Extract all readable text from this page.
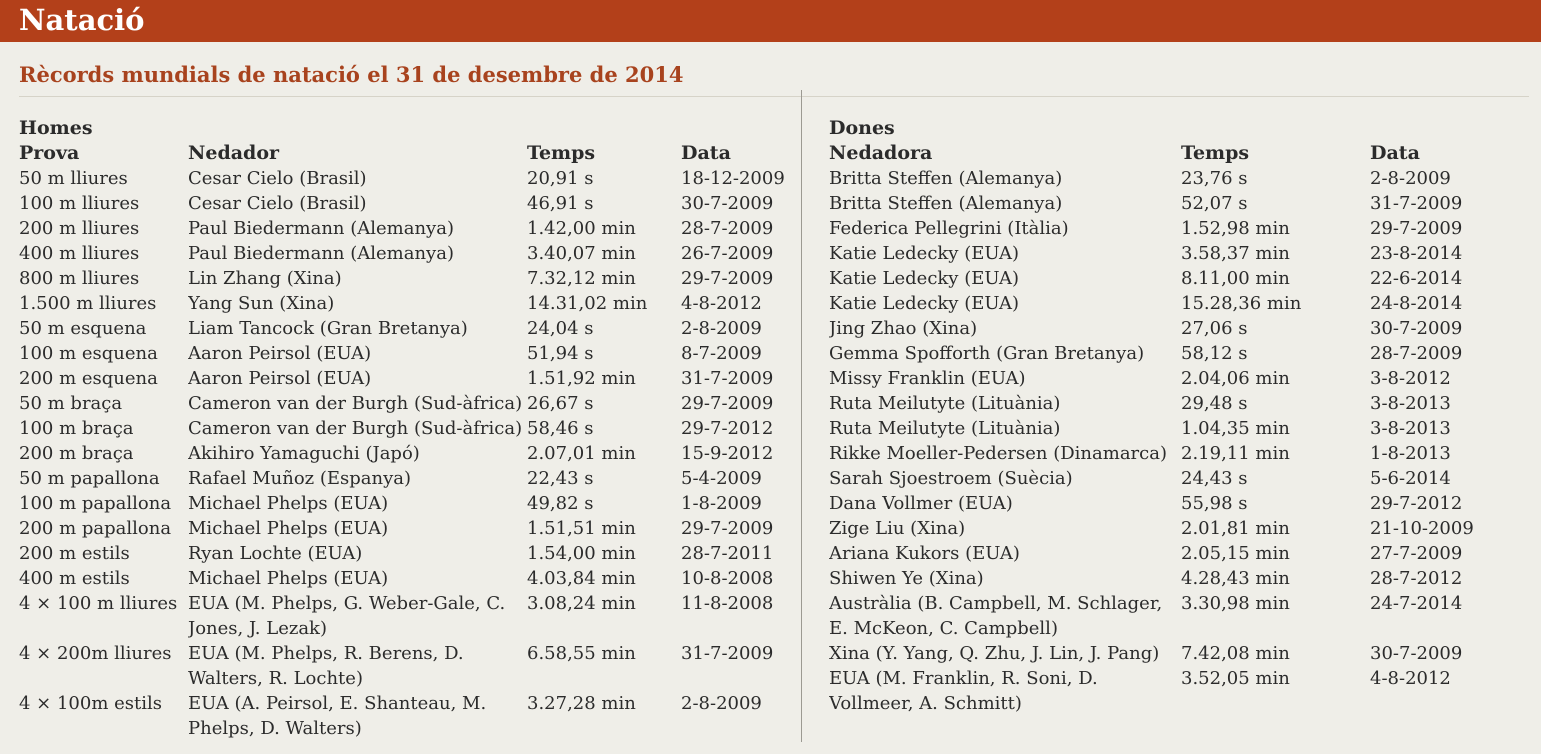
Natació
Rècords mundials de natació el 31 de desembre de 2014
Homes
Prova	Nedador	Temps	Data
50 m lliures	Cesar Cielo (Brasil)	20,91 s	18-12-2009
100 m lliures	Cesar Cielo (Brasil)	46,91 s	30-7-2009
200 m lliures	Paul Biedermann (Alemanya)	1.42,00 min	28-7-2009
400 m lliures	Paul Biedermann (Alemanya)	3.40,07 min	26-7-2009
800 m lliures	Lin Zhang (Xina)	7.32,12 min	29-7-2009
1.500 m lliures	Yang Sun (Xina)	14.31,02 min	4-8-2012
50 m esquena	Liam Tancock (Gran Bretanya)	24,04 s	2-8-2009
100 m esquena	Aaron Peirsol (EUA)	51,94 s	8-7-2009
200 m esquena	Aaron Peirsol (EUA)	1.51,92 min	31-7-2009
50 m braça	Cameron van der Burgh (Sud-àfrica)	26,67 s	29-7-2009
100 m braça	Cameron van der Burgh (Sud-àfrica)	58,46 s	29-7-2012
200 m braça	Akihiro Yamaguchi (Japó)	2.07,01 min	15-9-2012
50 m papallona	Rafael Muñoz (Espanya)	22,43 s	5-4-2009
100 m papallona	Michael Phelps (EUA)	49,82 s	1-8-2009
200 m papallona	Michael Phelps (EUA)	1.51,51 min	29-7-2009
200 m estils	Ryan Lochte (EUA)	1.54,00 min	28-7-2011
400 m estils	Michael Phelps (EUA)	4.03,84 min	10-8-2008
4 × 100 m lliures	EUA (M. Phelps, G. Weber-Gale, C. Jones, J. Lezak)	3.08,24 min	11-8-2008
4 × 200m lliures	EUA (M. Phelps, R. Berens, D. Walters, R. Lochte)	6.58,55 min	31-7-2009
4 × 100m estils	EUA (A. Peirsol, E. Shanteau, M. Phelps, D. Walters)	3.27,28 min	2-8-2009
Dones
Nedadora	Temps	Data
Britta Steffen (Alemanya)	23,76 s	2-8-2009
Britta Steffen (Alemanya)	52,07 s	31-7-2009
Federica Pellegrini (Itàlia)	1.52,98 min	29-7-2009
Katie Ledecky (EUA)	3.58,37 min	23-8-2014
Katie Ledecky (EUA)	8.11,00 min	22-6-2014
Katie Ledecky (EUA)	15.28,36 min	24-8-2014
Jing Zhao (Xina)	27,06 s	30-7-2009
Gemma Spofforth (Gran Bretanya)	58,12 s	28-7-2009
Missy Franklin (EUA)	2.04,06 min	3-8-2012
Ruta Meilutyte (Lituània)	29,48 s	3-8-2013
Ruta Meilutyte (Lituània)	1.04,35 min	3-8-2013
Rikke Moeller-Pedersen (Dinamarca)	2.19,11 min	1-8-2013
Sarah Sjoestroem (Suècia)	24,43 s	5-6-2014
Dana Vollmer (EUA)	55,98 s	29-7-2012
Zige Liu (Xina)	2.01,81 min	21-10-2009
Ariana Kukors (EUA)	2.05,15 min	27-7-2009
Shiwen Ye (Xina)	4.28,43 min	28-7-2012
Austràlia (B. Campbell, M. Schlager, E. McKeon, C. Campbell)	3.30,98 min	24-7-2014
Xina (Y. Yang, Q. Zhu, J. Lin, J. Pang)	7.42,08 min	30-7-2009
EUA (M. Franklin, R. Soni, D. Vollmeer, A. Schmitt)	3.52,05 min	4-8-2012
